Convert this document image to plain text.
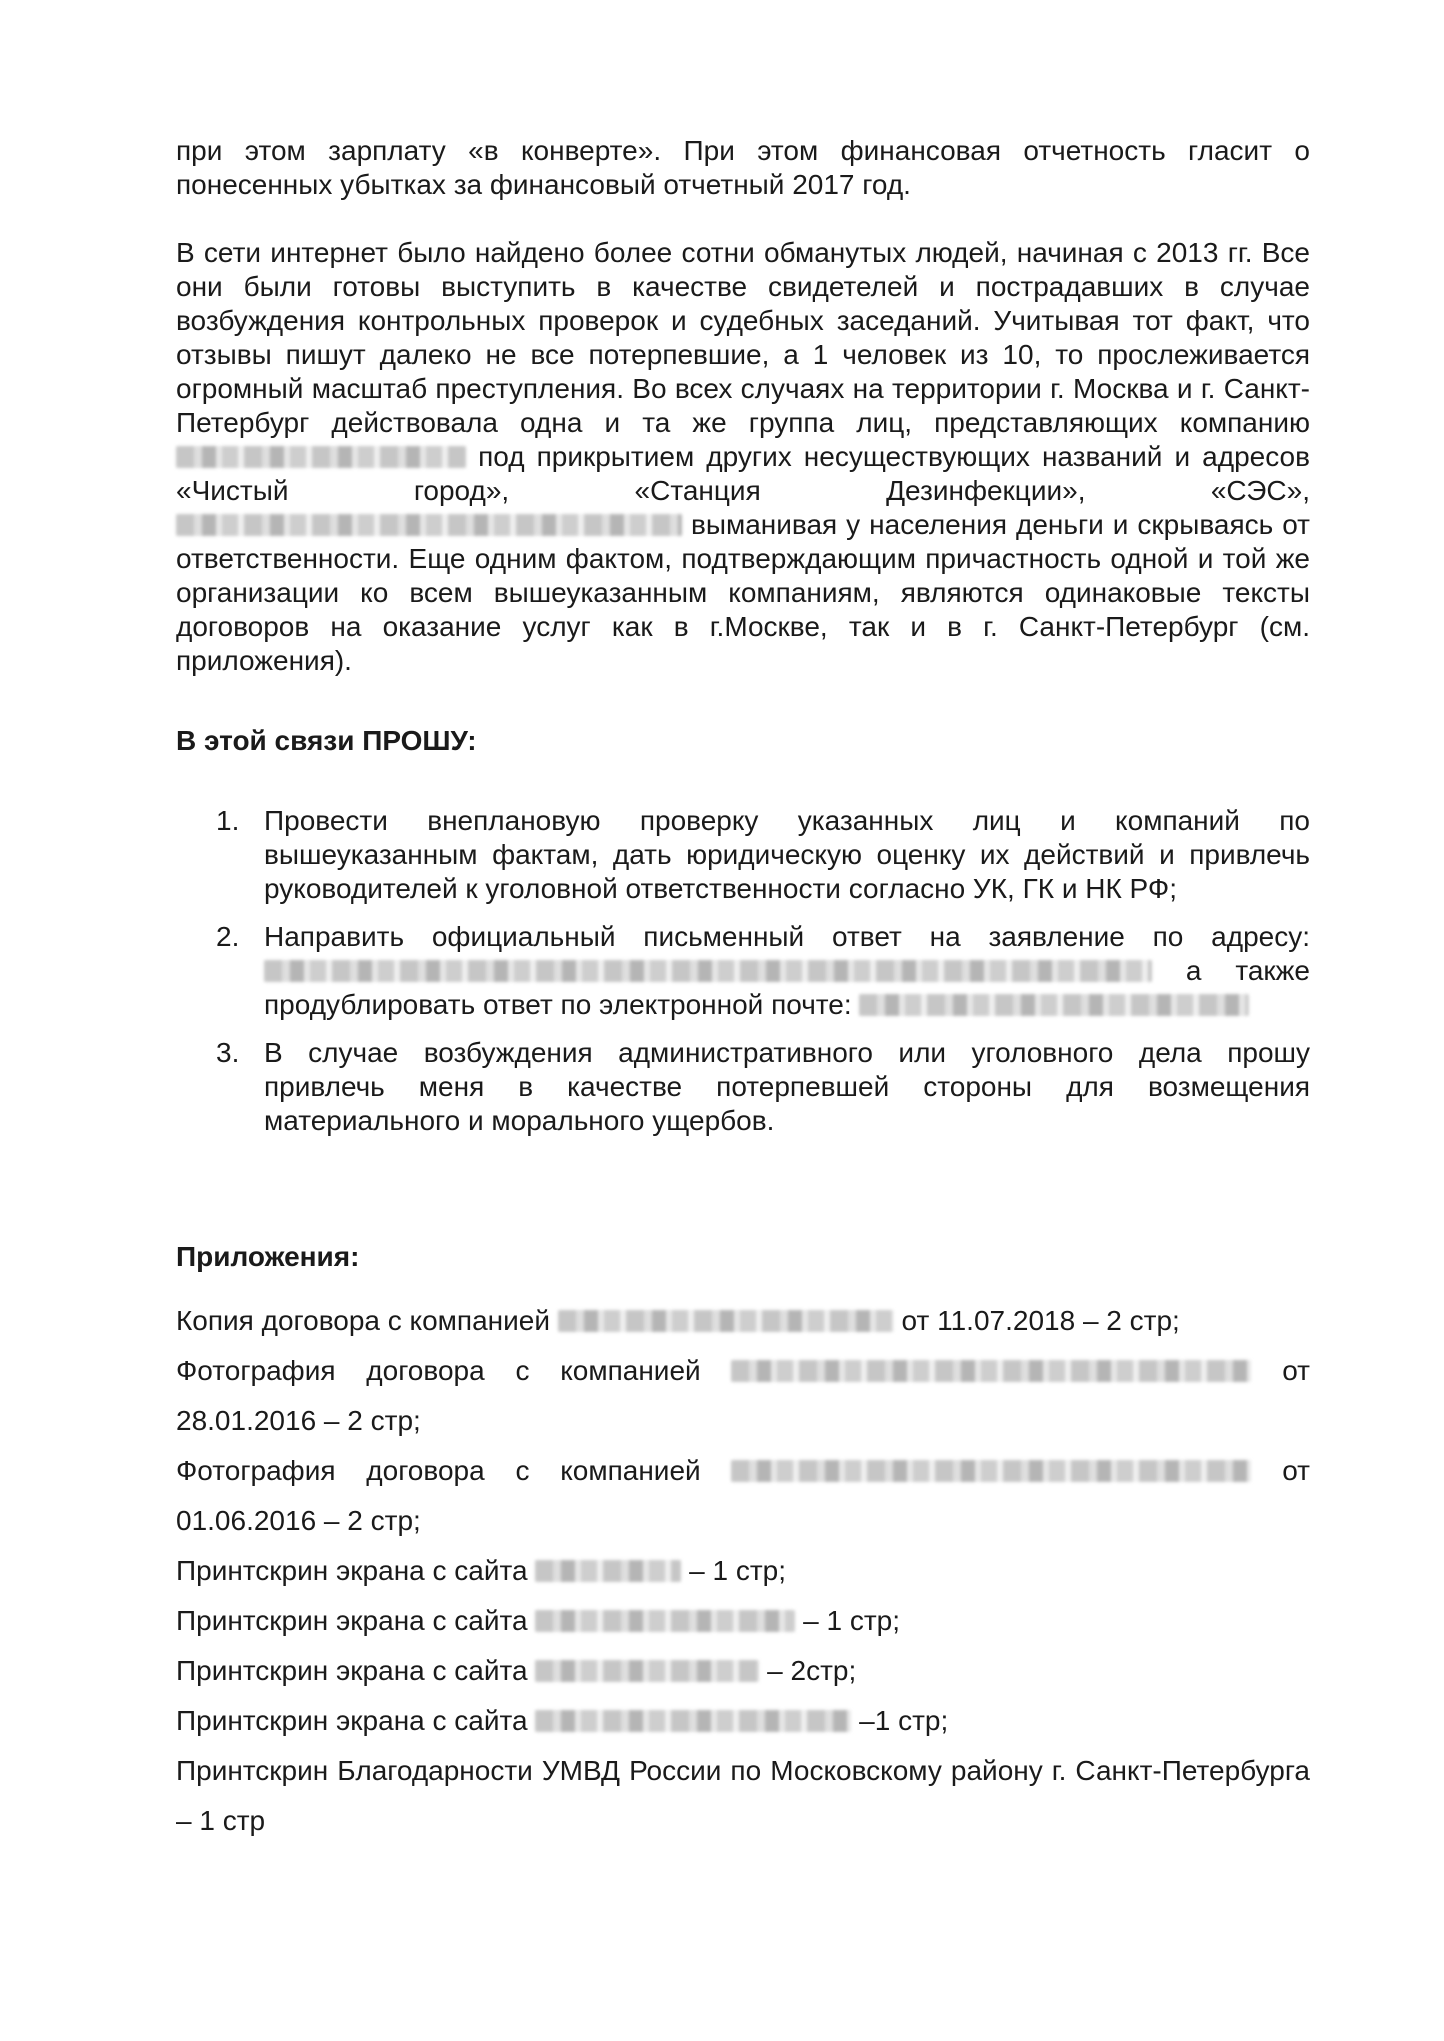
при этом зарплату «в конверте». При этом финансовая отчетность гласит о понесенных убытках за финансовый отчетный 2017 год.

В сети интернет было найдено более сотни обманутых людей, начиная с 2013 гг. Все они были готовы выступить в качестве свидетелей и пострадавших в случае возбуждения контрольных проверок и судебных заседаний. Учитывая тот факт, что отзывы пишут далеко не все потерпевшие, а 1 человек из 10, то прослеживается огромный масштаб преступления. Во всех случаях на территории г. Москва и г. Санкт-Петербург действовала одна и та же группа лиц, представляющих компанию  под прикрытием других несуществующих названий и адресов «Чистый город», «Станция Дезинфекции», «СЭС»,  выманивая у населения деньги и скрываясь от ответственности. Еще одним фактом, подтверждающим причастность одной и той же организации ко всем вышеуказанным компаниям, являются одинаковые тексты договоров на оказание услуг как в г.Москве, так и в г. Санкт-Петербург (см. приложения).

В этой связи ПРОШУ:

1. Провести внеплановую проверку указанных лиц и компаний по вышеуказанным фактам, дать юридическую оценку их действий и привлечь руководителей к уголовной ответственности согласно УК, ГК и НК РФ;
2. Направить официальный письменный ответ на заявление по адресу:  а также продублировать ответ по электронной почте:
3. В случае возбуждения административного или уголовного дела прошу привлечь меня в качестве потерпевшей стороны для возмещения материального и морального ущербов.

Приложения:

Копия договора с компанией	от 11.07.2018 – 2 стр;

Фотография договора с компанией	от 28.01.2016 – 2 стр;

Фотография договора с компанией	от 01.06.2016 – 2 стр;

Принтскрин экрана с сайта	– 1 стр;

Принтскрин экрана с сайта	– 1 стр;

Принтскрин экрана с сайта	– 2стр;

Принтскрин экрана с сайта	–1 стр;

Принтскрин Благодарности УМВД России по Московскому району г. Санкт-Петербурга – 1 стр
